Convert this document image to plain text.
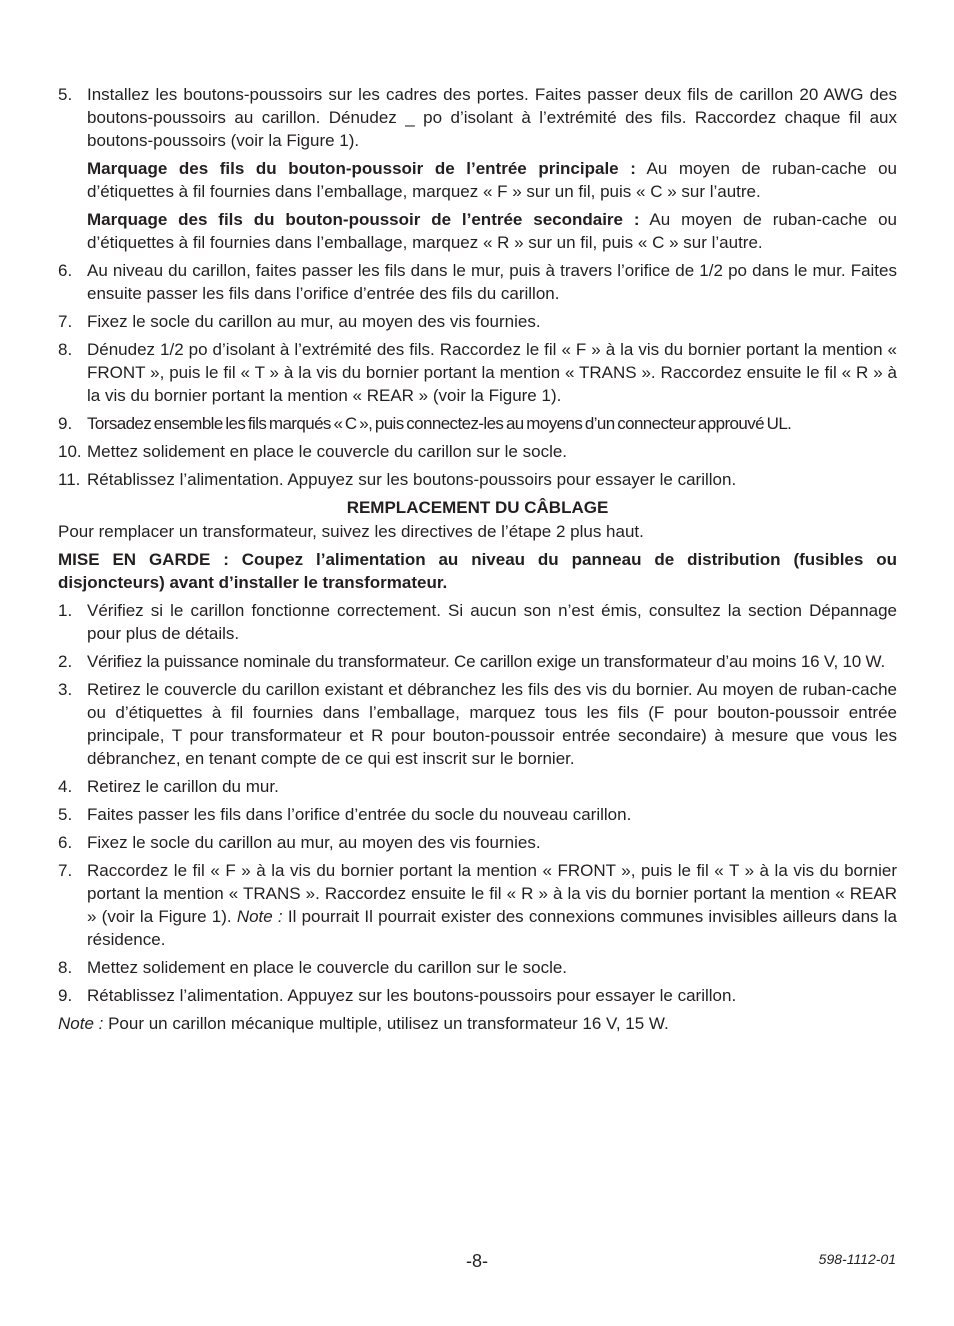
5. Installez les boutons-poussoirs sur les cadres des portes. Faites passer deux fils de carillon 20 AWG des boutons-poussoirs au carillon. Dénudez _ po d’isolant à l’extrémité des fils. Raccordez chaque fil aux boutons-poussoirs (voir la Figure 1).
Marquage des fils du bouton-poussoir de l’entrée principale : Au moyen de ruban-cache ou d’étiquettes à fil fournies dans l’emballage, marquez « F » sur un fil, puis « C » sur l’autre.
Marquage des fils du bouton-poussoir de l’entrée secondaire : Au moyen de ruban-cache ou d’étiquettes à fil fournies dans l’emballage, marquez « R » sur un fil, puis « C » sur l’autre.
6. Au niveau du carillon, faites passer les fils dans le mur, puis à travers l’orifice de 1/2 po dans le mur. Faites ensuite passer les fils dans l’orifice d’entrée des fils du carillon.
7. Fixez le socle du carillon au mur, au moyen des vis fournies.
8. Dénudez 1/2 po d’isolant à l’extrémité des fils. Raccordez le fil « F » à la vis du bornier portant la mention « FRONT », puis le fil « T » à la vis du bornier portant la mention « TRANS ». Raccordez ensuite le fil « R » à la vis du bornier portant la mention « REAR » (voir la Figure 1).
9. Torsadez ensemble les fils marqués « C », puis connectez-les au moyens d’un connecteur approuvé UL.
10. Mettez solidement en place le couvercle du carillon sur le socle.
11. Rétablissez l’alimentation. Appuyez sur les boutons-poussoirs pour essayer le carillon.
REMPLACEMENT DU CÂBLAGE
Pour remplacer un transformateur, suivez les directives de l’étape 2 plus haut.
MISE EN GARDE : Coupez l’alimentation au niveau du panneau de distribution (fusibles ou disjoncteurs) avant d’installer le transformateur.
1. Vérifiez si le carillon fonctionne correctement. Si aucun son n’est émis, consultez la section Dépannage pour plus de détails.
2. Vérifiez la puissance nominale du transformateur. Ce carillon exige un transformateur d’au moins 16 V, 10 W.
3. Retirez le couvercle du carillon existant et débranchez les fils des vis du bornier. Au moyen de ruban-cache ou d’étiquettes à fil fournies dans l’emballage, marquez tous les fils (F pour bouton-poussoir entrée principale, T pour transformateur et R pour bouton-poussoir entrée secondaire) à mesure que vous les débranchez, en tenant compte de ce qui est inscrit sur le bornier.
4. Retirez le carillon du mur.
5. Faites passer les fils dans l’orifice d’entrée du socle du nouveau carillon.
6. Fixez le socle du carillon au mur, au moyen des vis fournies.
7. Raccordez le fil « F » à la vis du bornier portant la mention « FRONT », puis le fil « T » à la vis du bornier portant la mention « TRANS ». Raccordez ensuite le fil « R » à la vis du bornier portant la mention « REAR » (voir la Figure 1). Note : Il pourrait Il pourrait exister des connexions communes invisibles ailleurs dans la résidence.
8. Mettez solidement en place le couvercle du carillon sur le socle.
9. Rétablissez l’alimentation. Appuyez sur les boutons-poussoirs pour essayer le carillon.
Note : Pour un carillon mécanique multiple, utilisez un transformateur 16 V, 15 W.
-8-	598-1112-01
